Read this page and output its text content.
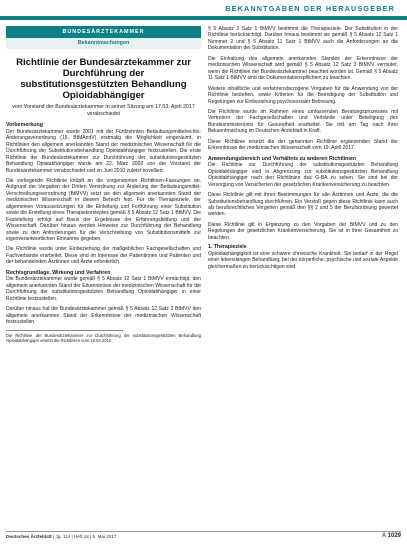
BEKANNTGABEN DER HERAUSGEBER
BUNDESÄRZTEKAMMER
Bekanntmachungen
Richtlinie der Bundesärztekammer zur Durchführung der substitutionsgestützten Behandlung Opioidabhängiger
vom Vorstand der Bundesärztekammer in seiner Sitzung am 17.03. April 2017 verabschiedet
Vorbemerkung

Der Bundesärztekammer wurde 2001 mit der Fünfzehnten Betäubungsmittelrechts-Änderungsverordnung (15. BtMÄndV) erstmalig die Möglichkeit eingeräumt, in Richtlinien den allgemein anerkannten Stand der medizinischen Wissenschaft für die Durchführung der Substitutionsbehandlung Opioidabhängiger festzustellen. Die erste Richtlinie der Bundesärztekammer zur Durchführung der substitutionsgestützten Behandlung Opiatabhängiger wurde am 22. März 2002 von der Vorstand der Bundesärztekammer verabschiedet und im Juni 2010 zuletzt novelliert.

Die vorliegende Richtlinie knüpft an die vorgenannten Richtlinien-Fassungen an. Aufgrund der Vorgaben der Dritten Verordnung zur Änderung der Betäubungsmittel-Verschreibungsverordnung (BtMVV) setzt sie den allgemein anerkannten Stand der medizinischen Wissenschaft in diesem Bereich fest. Für die Therapieziele, der allgemeinen Voraussetzungen für die Einleitung und Fortführung einer Substitution sowie die Erstellung eines Therapiekonzeptes gemäß § 5 Absatz 12 Satz 1 BtMVV. Die Feststellung erfolgt auf Basis der Ergebnisse der Erfahrungsbildung und der Wissenschaft. Darüber hinaus werden Hinweise zur Durchführung der Behandlung sowie zu den Anforderungen für die Verschreibung von Substitutionsmitteln zur eigenverantwortlichen Einnahme gegeben.

Die Richtlinie wurde unter Einbeziehung der maßgeblichen Fachgesellschaften und Fachverbände erarbeitet. Diese sind im Interesse der Patientinnen und Patienten und der behandelnden Ärztinnen und Ärzte erforderlich.

Rechtsgrundlage, Wirkung und Verfahren

Die Bundesärztekammer wurde gemäß § 5 Absatz 12 Satz 1 BtMVV ermächtigt, den allgemein anerkannten Stand der Erkenntnisse der medizinischen Wissenschaft für die Durchführung der substitutionsgestützten Behandlung Opioidabhängiger in einer Richtlinie festzustellen.

Darüber hinaus hat die Bundesärztekammer gemäß § 5 Absatz 12 Satz 2 BtMVV den allgemein anerkannten Stand der Erkenntnisse der medizinischen Wissenschaft festzustellen.

Die Richtlinie der Bundesärztekammer zur Durchführung der substitutionsgestützten Behandlung Opioidabhängiger ersetzt die Richtlinien vom 19.02.2010.

§ 5 Absatz 2 Satz 1 BtMVV bestimmt die Therapieziele. Der Substitution in der Richtlinie berücksichtigt. Darüber hinaus bestimmt sie gemäß § 5 Absatz 12 Satz 1 Nummer 2 und § 5 Absatz 11 Satz 1 BtMVV auch die Anforderungen an die Dokumentation der Substitution.

Die Einhaltung des allgemein anerkannten Standes der Erkenntnisse der medizinischen Wissenschaft wird gemäß § 5 Absatz 12 Satz 3 BtMVV vermutet, wenn die Richtlinie der Bundesärztekammer beachtet worden ist. Gemäß § 5 Absatz 11 Satz 1 BtMVV sind die Dokumentationspflichten zu beachten.

Weitere inhaltliche und verfahrensbezogene Vorgaben für die Anwendung von der Richtlinie bestehen, sowie Kriterien für die Beendigung der Substitution und Regelungen zur Einbeziehung psychosozialer Betreuung.

Die Richtlinie wurde im Rahmen eines umfassenden Beratungsprozesses mit Vertretern der Fachgesellschaften und Verbände unter Beteiligung des Bundesministeriums für Gesundheit erarbeitet. Sie tritt am Tag nach ihrer Bekanntmachung im Deutschen Ärzteblatt in Kraft.

Diese Richtlinie ersetzt die der genannten Richtlinie ergänzenden Stand der Erkenntnisse der medizinischen Wissenschaft vom 19. April 2017.

Anwendungsbereich und Verhältnis zu anderen Richtlinien

Die Richtlinie zur Durchführung der substitutionsgestützten Behandlung Opioidabhängiger sind in Abgrenzung zur substitutionsgestützten Behandlung Opioidabhängiger nach den Richtlinien des G-BA zu sehen. Sie sind bei der Versorgung von Versicherten der gesetzlichen Krankenversicherung zu beachten.

Diese Richtlinie gilt mit ihren Bestimmungen für alle Ärztinnen und Ärzte, die die Substitutionsbehandlung durchführen. Ein Verstoß gegen diese Richtlinie kann auch als berufsrechtliches Vergehen gemäß den §§ 2 und 5 der Berufsordnung gewertet werden.

Diese Richtlinie gilt in Ergänzung zu den Vorgaben der BtMVV und zu den Regelungen der gesetzlichen Krankenversicherung. Sie ist in ihrer Gesamtheit zu beachten.

1. Therapieziele

Opioidabhängigkeit ist eine schwere chronische Krankheit. Sie bedarf in der Regel einer lebenslangen Behandlung, bei der körperliche, psychische und soziale Aspekte gleichermaßen zu berücksichtigen sind.

Deutsches Ärzteblatt | Jg. 114 | Heft 18 | 5. Mai 2017	A 1029
